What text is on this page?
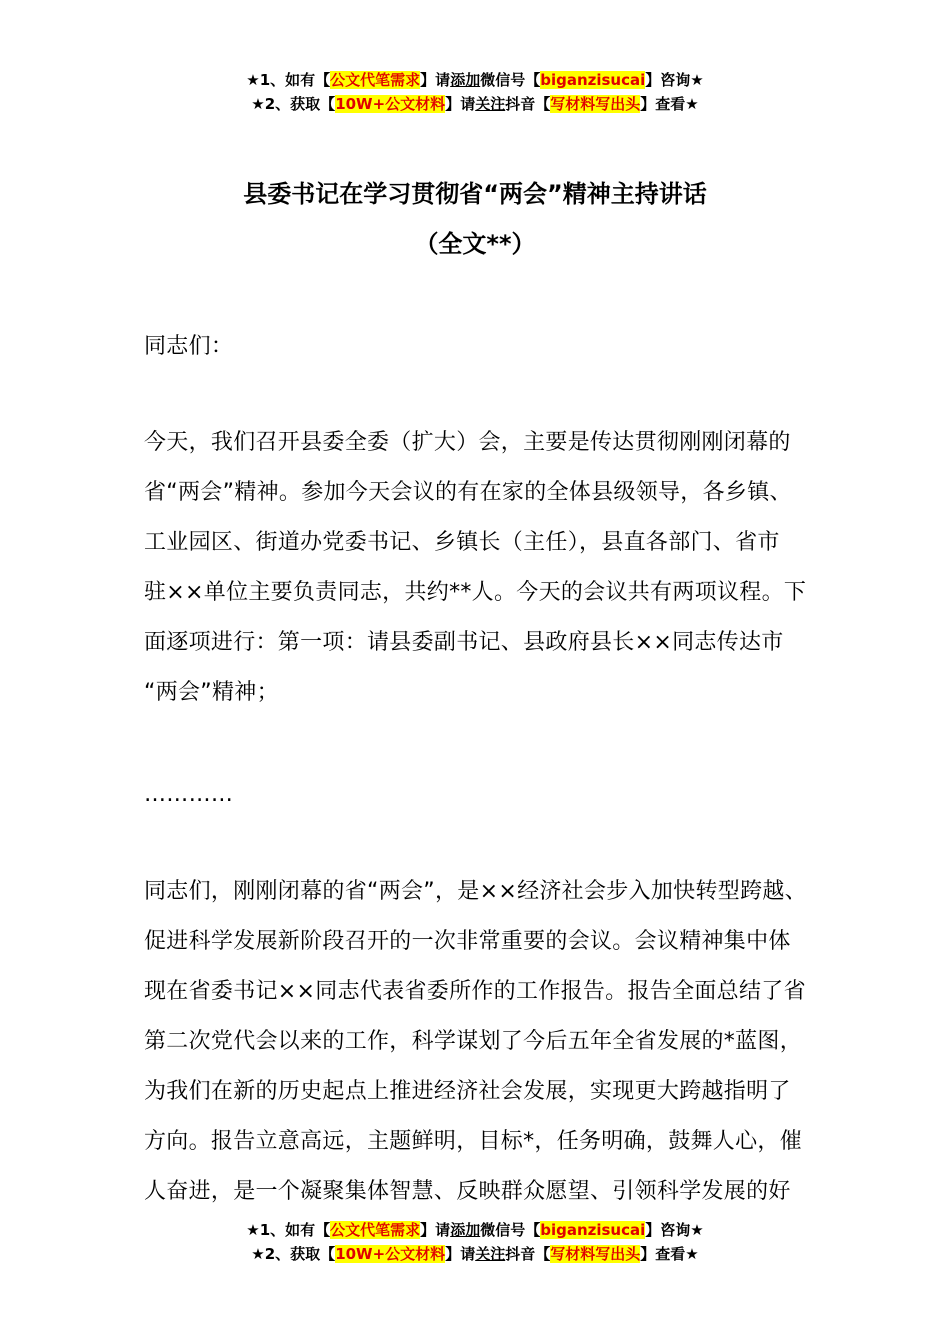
★1、如有【公文代笔需求】请添加微信号【biganzisucai】咨询★
★2、获取【10W+公文材料】请关注抖音【写材料写出头】查看★
县委书记在学习贯彻省“两会”精神主持讲话
（全文**）
同志们：
今天，我们召开县委全委（扩大）会，主要是传达贯彻刚刚闭幕的
省“两会”精神。参加今天会议的有在家的全体县级领导，各乡镇、
工业园区、街道办党委书记、乡镇长（主任），县直各部门、省市
驻××单位主要负责同志，共约**人。今天的会议共有两项议程。下
面逐项进行：第一项：请县委副书记、县政府县长××同志传达市
“两会”精神；
…………
同志们，刚刚闭幕的省“两会”，是××经济社会步入加快转型跨越、
促进科学发展新阶段召开的一次非常重要的会议。会议精神集中体
现在省委书记××同志代表省委所作的工作报告。报告全面总结了省
第二次党代会以来的工作，科学谋划了今后五年全省发展的*蓝图，
为我们在新的历史起点上推进经济社会发展，实现更大跨越指明了
方向。报告立意高远，主题鲜明，目标*，任务明确，鼓舞人心，催
人奋进，是一个凝聚集体智慧、反映群众愿望、引领科学发展的好
★1、如有【公文代笔需求】请添加微信号【biganzisucai】咨询★
★2、获取【10W+公文材料】请关注抖音【写材料写出头】查看★
